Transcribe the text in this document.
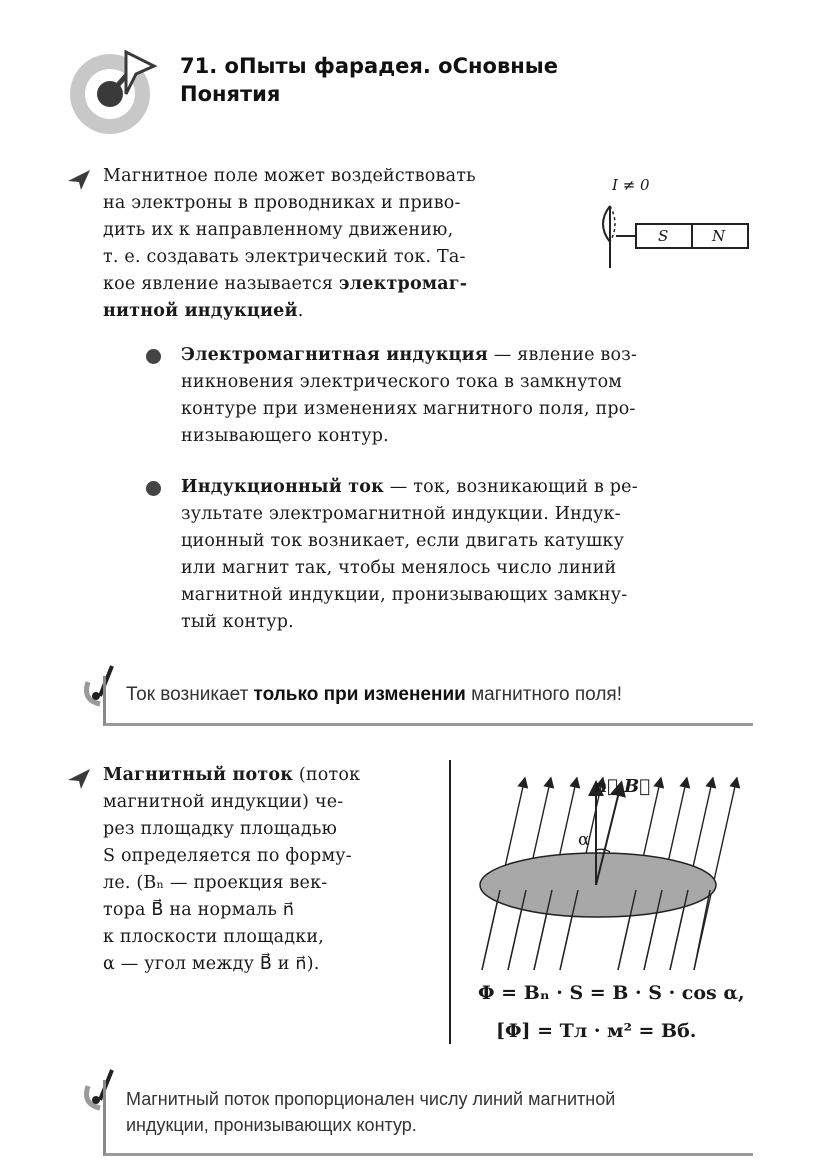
71. оПыты фарадея. оСновные
Понятия
Магнитное поле может воздействовать
на электроны в проводниках и приво-
дить их к направленному движению,
т. е. создавать электрический ток. Та-
кое явление называется электромаг-
нитной индукцией.
I ≠ 0
S	N
Электромагнитная индукция — явление воз-
никновения электрического тока в замкнутом
контуре при изменениях магнитного поля, про-
низывающего контур.
Индукционный ток — ток, возникающий в ре-
зультате электромагнитной индукции. Индук-
ционный ток возникает, если двигать катушку
или магнит так, чтобы менялось число линий
магнитной индукции, пронизывающих замкну-
тый контур.
Ток возникает только при изменении магнитного поля!
Магнитный поток (поток
магнитной индукции) че-
рез площадку площадью
S определяется по форму-
ле. (Bₙ — проекция век-
тора B⃗ на нормаль n⃗
к плоскости площадки,
α — угол между B⃗ и n⃗).
n⃗ B⃗
α
Φ = Bₙ · S = B · S · cos α,
[Φ] = Тл · м² = Вб.
Магнитный поток пропорционален числу линий магнитной
индукции, пронизывающих контур.
